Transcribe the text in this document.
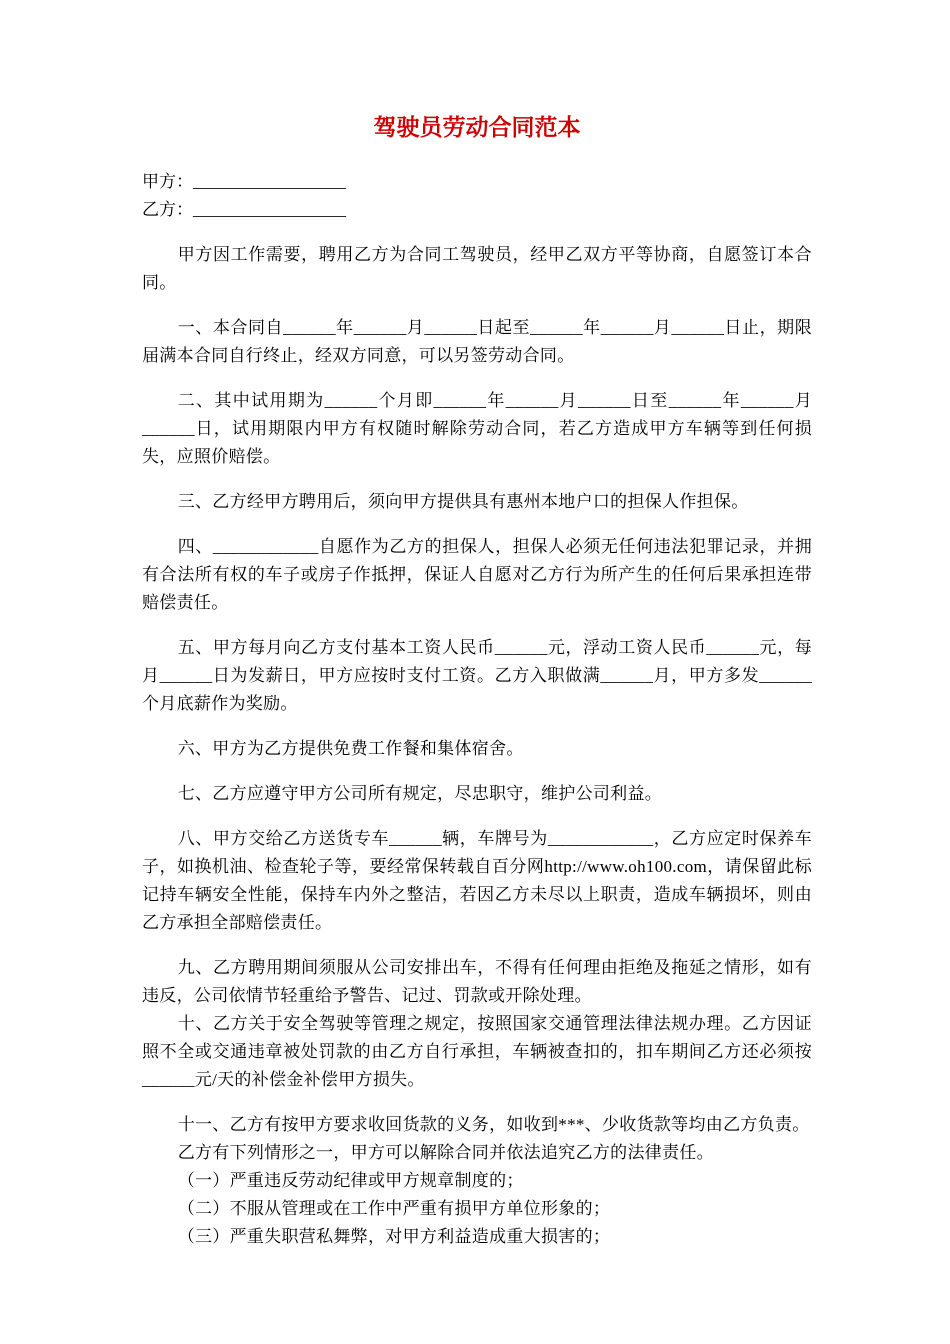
驾驶员劳动合同范本
甲方：__________________
乙方：__________________

甲方因工作需要，聘用乙方为合同工驾驶员，经甲乙双方平等协商，自愿签订本合同。

一、本合同自______年______月______日起至______年______月______日止，期限届满本合同自行终止，经双方同意，可以另签劳动合同。

二、其中试用期为______个月即______年______月______日至______年______月______日，试用期限内甲方有权随时解除劳动合同，若乙方造成甲方车辆等到任何损失，应照价赔偿。

三、乙方经甲方聘用后，须向甲方提供具有惠州本地户口的担保人作担保。

四、____________自愿作为乙方的担保人，担保人必须无任何违法犯罪记录，并拥有合法所有权的车子或房子作抵押，保证人自愿对乙方行为所产生的任何后果承担连带赔偿责任。

五、甲方每月向乙方支付基本工资人民币______元，浮动工资人民币______元，每月______日为发薪日，甲方应按时支付工资。乙方入职做满______月，甲方多发______个月底薪作为奖励。

六、甲方为乙方提供免费工作餐和集体宿舍。

七、乙方应遵守甲方公司所有规定，尽忠职守，维护公司利益。

八、甲方交给乙方送货专车______辆，车牌号为____________，乙方应定时保养车子，如换机油、检查轮子等，要经常保转载自百分网http://www.oh100.com，请保留此标记持车辆安全性能，保持车内外之整洁，若因乙方未尽以上职责，造成车辆损坏，则由乙方承担全部赔偿责任。

九、乙方聘用期间须服从公司安排出车，不得有任何理由拒绝及拖延之情形，如有违反，公司依情节轻重给予警告、记过、罚款或开除处理。

十、乙方关于安全驾驶等管理之规定，按照国家交通管理法律法规办理。乙方因证照不全或交通违章被处罚款的由乙方自行承担，车辆被查扣的，扣车期间乙方还必须按______元/天的补偿金补偿甲方损失。

十一、乙方有按甲方要求收回货款的义务，如收到***、少收货款等均由乙方负责。

乙方有下列情形之一，甲方可以解除合同并依法追究乙方的法律责任。

（一）严重违反劳动纪律或甲方规章制度的；

（二）不服从管理或在工作中严重有损甲方单位形象的；

（三）严重失职营私舞弊，对甲方利益造成重大损害的；
